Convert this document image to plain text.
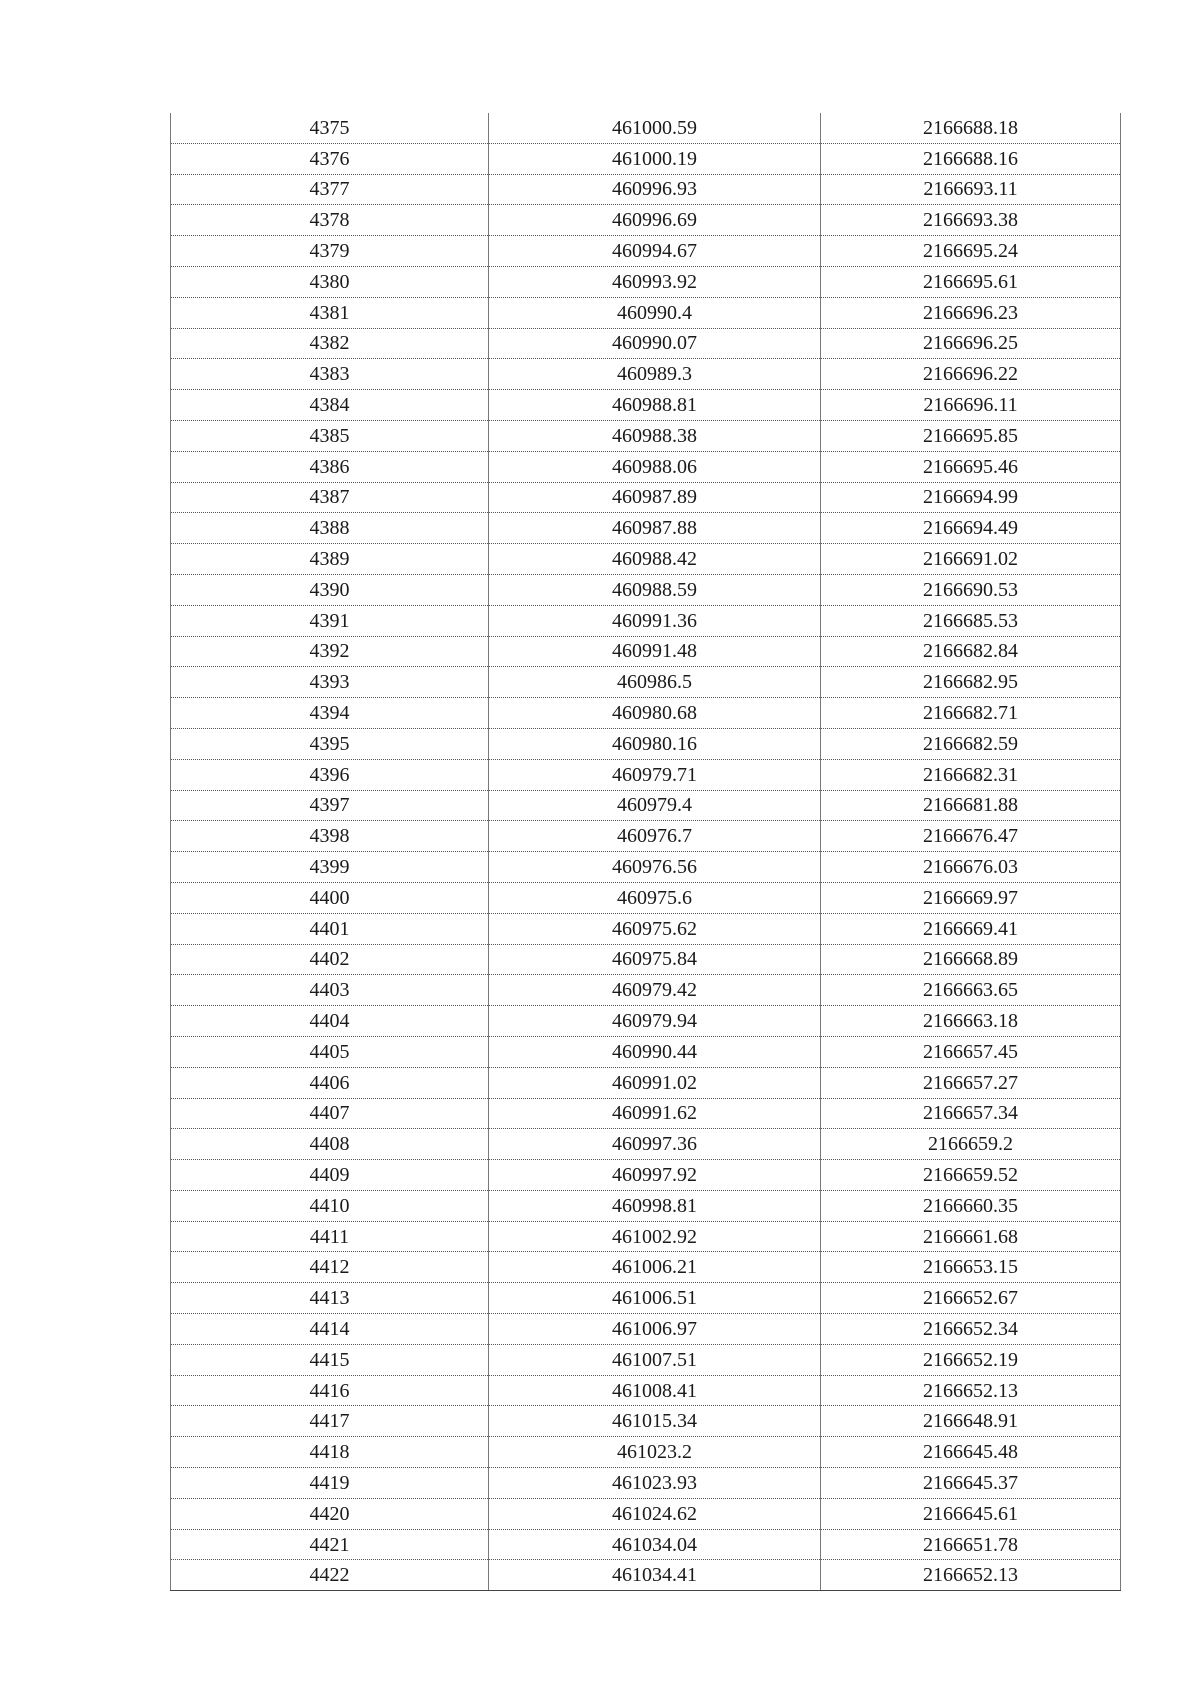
4375	461000.59	2166688.18
4376	461000.19	2166688.16
4377	460996.93	2166693.11
4378	460996.69	2166693.38
4379	460994.67	2166695.24
4380	460993.92	2166695.61
4381	460990.4	2166696.23
4382	460990.07	2166696.25
4383	460989.3	2166696.22
4384	460988.81	2166696.11
4385	460988.38	2166695.85
4386	460988.06	2166695.46
4387	460987.89	2166694.99
4388	460987.88	2166694.49
4389	460988.42	2166691.02
4390	460988.59	2166690.53
4391	460991.36	2166685.53
4392	460991.48	2166682.84
4393	460986.5	2166682.95
4394	460980.68	2166682.71
4395	460980.16	2166682.59
4396	460979.71	2166682.31
4397	460979.4	2166681.88
4398	460976.7	2166676.47
4399	460976.56	2166676.03
4400	460975.6	2166669.97
4401	460975.62	2166669.41
4402	460975.84	2166668.89
4403	460979.42	2166663.65
4404	460979.94	2166663.18
4405	460990.44	2166657.45
4406	460991.02	2166657.27
4407	460991.62	2166657.34
4408	460997.36	2166659.2
4409	460997.92	2166659.52
4410	460998.81	2166660.35
4411	461002.92	2166661.68
4412	461006.21	2166653.15
4413	461006.51	2166652.67
4414	461006.97	2166652.34
4415	461007.51	2166652.19
4416	461008.41	2166652.13
4417	461015.34	2166648.91
4418	461023.2	2166645.48
4419	461023.93	2166645.37
4420	461024.62	2166645.61
4421	461034.04	2166651.78
4422	461034.41	2166652.13
